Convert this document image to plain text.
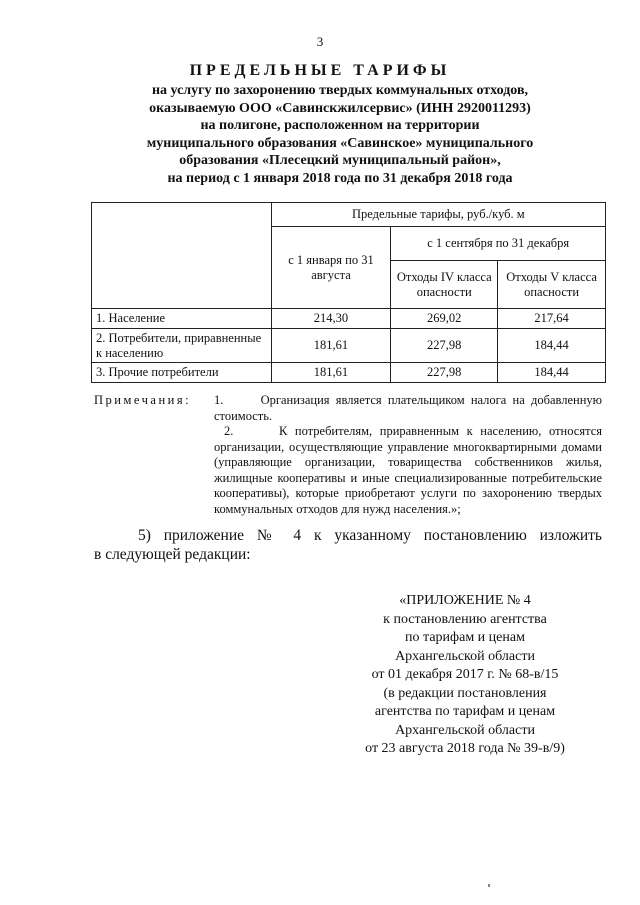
3
ПРЕДЕЛЬНЫЕ ТАРИФЫ
на услугу по захоронению твердых коммунальных отходов,
оказываемую ООО «Савинскжилсервис» (ИНН 2920011293)
на полигоне, расположенном на территории
муниципального образования «Савинское» муниципального
образования «Плесецкий муниципальный район»,
на период с 1 января 2018 года по 31 декабря 2018 года
	Предельные тарифы, руб./куб. м		
	с 1 января по 31 августа	с 1 сентября по 31 декабря	
		Отходы IV класса опасности	Отходы V класса опасности
1. Население	214,30	269,02	217,64
2. Потребители, приравненные к населению	181,61	227,98	184,44
3. Прочие потребители	181,61	227,98	184,44
Примечания: 1.      Организация является плательщиком налога на добавленную стоимость.
2.      К потребителям, приравненным к населению, относятся организации, осуществляющие управление многоквартирными домами (управляющие организации, товарищества собственников жилья, жилищные кооперативы и иные специализированные потребительские кооперативы), которые приобретают услуги по захоронению твердых коммунальных отходов для нужд населения.»;
5) приложение № 4 к указанному постановлению изложить
в следующей редакции:
«ПРИЛОЖЕНИЕ № 4
к постановлению агентства
по тарифам и ценам
Архангельской области
от 01 декабря 2017 г. № 68-в/15
(в редакции постановления
агентства по тарифам и ценам
Архангельской области
от 23 августа 2018 года № 39-в/9)
